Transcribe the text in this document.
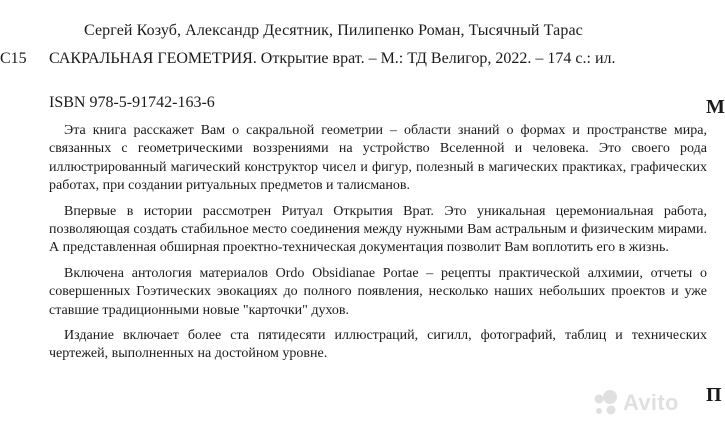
Сергей Козуб, Александр Десятник, Пилипенко Роман, Тысячный Тарас
С15 САКРАЛЬНАЯ ГЕОМЕТРИЯ. Открытие врат. – М.: ТД Велигор, 2022. – 174 с.: ил.
ISBN 978-5-91742-163-6	М
П

Эта книга расскажет Вам о сакральной геометрии – области знаний о формах и пространстве мира, связанных с геометрическими воззрениями на устройство Вселенной и человека. Это своего рода иллюстрированный магический конструктор чисел и фигур, полезный в магических практиках, графических работах, при создании ритуальных предметов и талисманов.

Впервые в истории рассмотрен Ритуал Открытия Врат. Это уникальная церемониальная работа, позволяющая создать стабильное место соединения между нужными Вам астральным и физическим мирами. А представленная обширная проектно-техническая документация позволит Вам воплотить его в жизнь.

Включена антология материалов Ordo Obsidianae Portae – рецепты практической алхимии, отчеты о совершенных Гоэтических эвокациях до полного появления, несколько наших небольших проектов и уже ставшие традиционными новые "карточки" духов.

Издание включает более ста пятидесяти иллюстраций, сигилл, фотографий, таблиц и технических чертежей, выполненных на достойном уровне.

Avito
